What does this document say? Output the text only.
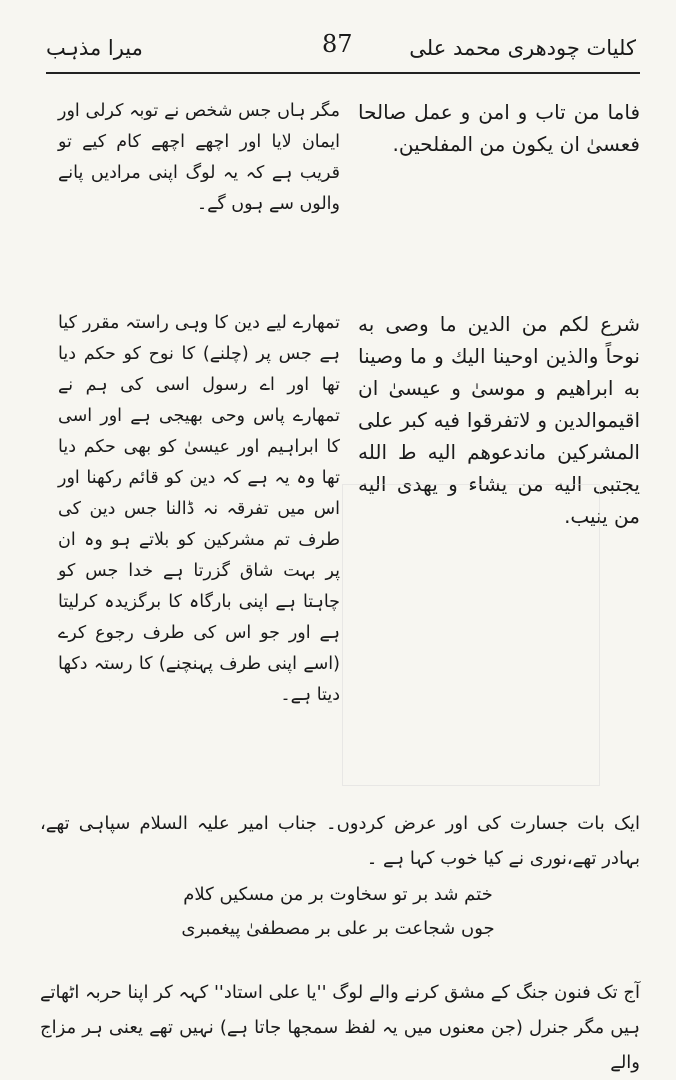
کلیات چودھری محمد علی
87
میرا مذہب
فاما من تاب و امن و عمل صالحا فعسىٰ ان يكون من المفلحين.
مگر ہاں جس شخص نے توبہ کرلی اور ایمان لایا اور اچھے اچھے کام کیے تو قریب ہے کہ یہ لوگ اپنی مرادیں پانے والوں سے ہوں گے۔
شرع لكم من الدين ما وصى به نوحاً والذين اوحينا اليك و ما وصينا به ابراهيم و موسىٰ و عيسىٰ ان اقيموالدين و لاتفرقوا فيه كبر على المشركين ماندعوهم اليه ط الله يجتبى اليه من يشاء و يهدى اليه من ينيب.
تمھارے لیے دین کا وہی راستہ مقرر کیا ہے جس پر (چلنے) کا نوح کو حکم دیا تھا اور اے رسول اسی کی ہم نے تمھارے پاس وحی بھیجی ہے اور اسی کا ابراہیم اور عیسیٰ کو بھی حکم دیا تھا وہ یہ ہے کہ دین کو قائم رکھنا اور اس میں تفرقہ نہ ڈالنا جس دین کی طرف تم مشرکین کو بلاتے ہو وہ ان پر بہت شاق گزرتا ہے خدا جس کو چاہتا ہے اپنی بارگاہ کا برگزیدہ کرلیتا ہے اور جو اس کی طرف رجوع کرے (اسے اپنی طرف پہنچنے) کا رستہ دکھا دیتا ہے۔
ایک بات جسارت کی اور عرض کردوں۔ جناب امیر علیہ السلام سپاہی تھے، بہادر تھے،نوری نے کیا خوب کہا ہے ۔
ختم شد بر تو سخاوت بر من مسکیں کلام
جوں شجاعت بر علی بر مصطفیٰ پیغمبری
آج تک فنون جنگ کے مشق کرنے والے لوگ ''یا علی استاد'' کہہ کر اپنا حربہ اٹھاتے ہیں مگر جنرل (جن معنوں میں یہ لفظ سمجھا جاتا ہے) نہیں تھے یعنی ہر مزاج والے
